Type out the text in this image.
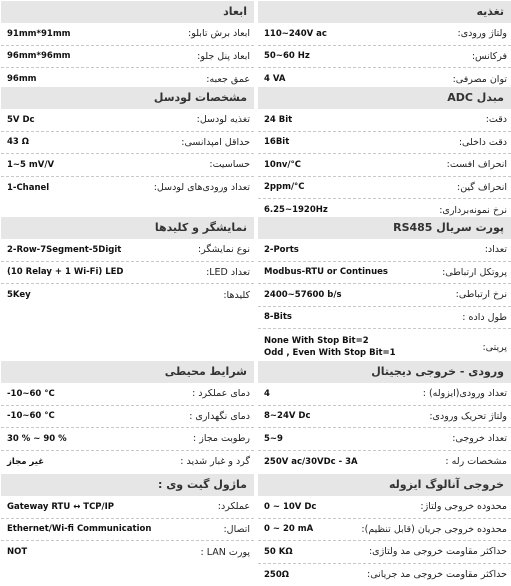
تغذیه
ولتاژ ورودی:
110~240V ac
فرکانس:
50~60 Hz
توان مصرفی:
4 VA
مبدل ADC
دقت:
24 Bit
دقت داخلی:
16Bit
انحراف افست:
10nv/°C
انحراف گین:
2ppm/°C
نرخ نمونه‌برداری:
6.25~1920Hz
پورت سریال RS485
تعداد:
2-Ports
پروتکل ارتباطی:
Modbus-RTU or Continues
نرخ ارتباطی:
2400~57600 b/s
طول داده :
8-Bits
پریتی:
None With Stop Bit=2
Odd , Even With Stop Bit=1
ورودی - خروجی دیجیتال
تعداد ورودی(ایزوله) :
4
ولتاژ تحریک ورودی:
8~24V Dc
تعداد خروجی:
5~9
مشخصات رله :
250V ac/30VDc - 3A
خروجی آنالوگ ایزوله
محدوده خروجی ولتاژ:
0 ~ 10V Dc
محدوده خروجی جریان (قابل تنظیم):
0 ~ 20 mA
حداکثر مقاومت خروجی مد ولتاژی:
50 KΩ
حداکثر مقاومت خروجی مد جریانی:
250Ω
ابعاد
ابعاد برش تابلو:
91mm*91mm
ابعاد پنل جلو:
96mm*96mm
عمق جعبه:
96mm
مشخصات لودسل
تغذیه لودسل:
5V Dc
حداقل امپدانسی:
43 Ω
حساسیت:
1~5 mV/V
تعداد ورودی‌های لودسل:
1-Chanel
نمایشگر و کلیدها
نوع نمایشگر:
2-Row-7Segment-5Digit
تعداد LED:
(10 Relay + 1 Wi-Fi) LED
کلیدها:
5Key
شرایط محیطی
دمای عملکرد :
-10~60 °C
دمای نگهداری :
-10~60 °C
رطوبت مجاز :
30 % ~ 90 %
گرد و غبار شدید :
غیر مجاز
ماژول گیت وی :
عملکرد:
Gateway RTU ↔ TCP/IP
اتصال:
Ethernet/Wi-fi Communication
پورت LAN :
NOT
